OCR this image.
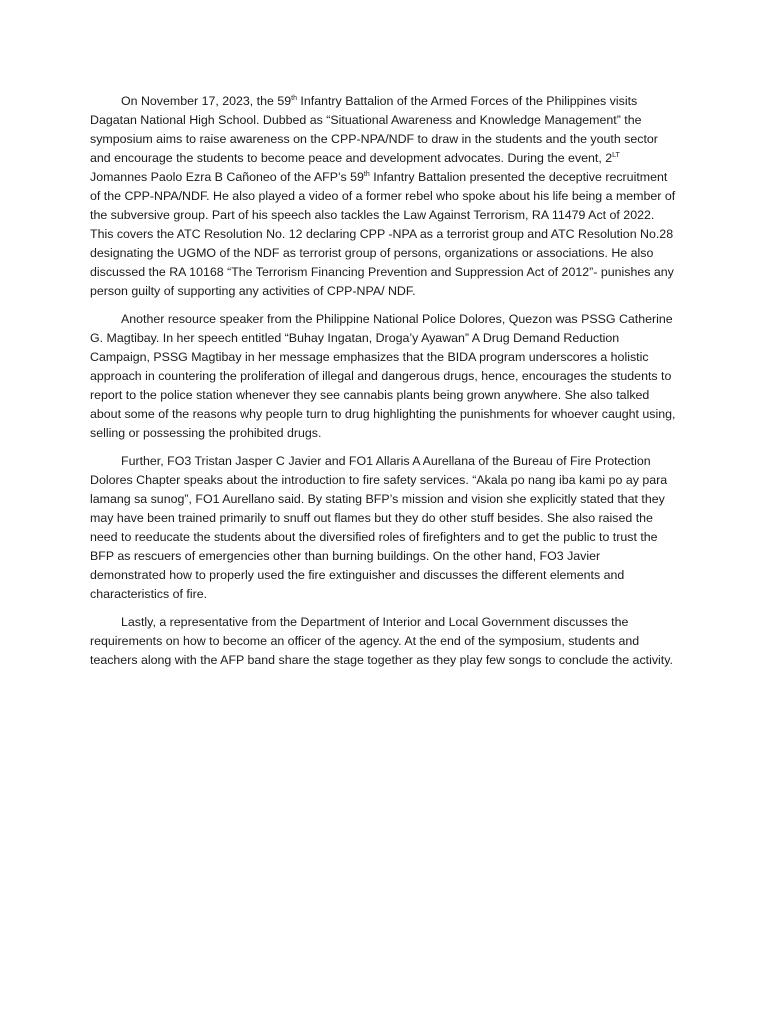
On November 17, 2023, the 59th Infantry Battalion of the Armed Forces of the Philippines visits Dagatan National High School. Dubbed as “Situational Awareness and Knowledge Management” the symposium aims to raise awareness on the CPP-NPA/NDF to draw in the students and the youth sector and encourage the students to become peace and development advocates. During the event, $2^{LT}$ Jomannes Paolo Ezra B Cañoneo of the AFP’s 59th Infantry Battalion presented the deceptive recruitment of the CPP-NPA/NDF. He also played a video of a former rebel who spoke about his life being a member of the subversive group. Part of his speech also tackles the Law Against Terrorism, RA 11479 Act of 2022. This covers the ATC Resolution No. 12 declaring CPP -NPA as a terrorist group and ATC Resolution No.28 designating the UGMO of the NDF as terrorist group of persons, organizations or associations. He also discussed the RA 10168 “The Terrorism Financing Prevention and Suppression Act of 2012”- punishes any person guilty of supporting any activities of CPP-NPA/ NDF.

Another resource speaker from the Philippine National Police Dolores, Quezon was PSSG Catherine G. Magtibay. In her speech entitled “Buhay Ingatan, Droga’y Ayawan” A Drug Demand Reduction Campaign, PSSG Magtibay in her message emphasizes that the BIDA program underscores a holistic approach in countering the proliferation of illegal and dangerous drugs, hence, encourages the students to report to the police station whenever they see cannabis plants being grown anywhere. She also talked about some of the reasons why people turn to drug highlighting the punishments for whoever caught using, selling or possessing the prohibited drugs.

Further, FO3 Tristan Jasper C Javier and FO1 Allaris A Aurellana of the Bureau of Fire Protection Dolores Chapter speaks about the introduction to fire safety services. “Akala po nang iba kami po ay para lamang sa sunog”, FO1 Aurellano said. By stating BFP’s mission and vision she explicitly stated that they may have been trained primarily to snuff out flames but they do other stuff besides. She also raised the need to reeducate the students about the diversified roles of firefighters and to get the public to trust the BFP as rescuers of emergencies other than burning buildings. On the other hand, FO3 Javier demonstrated how to properly used the fire extinguisher and discusses the different elements and characteristics of fire.

Lastly, a representative from the Department of Interior and Local Government discusses the requirements on how to become an officer of the agency. At the end of the symposium, students and teachers along with the AFP band share the stage together as they play few songs to conclude the activity.
